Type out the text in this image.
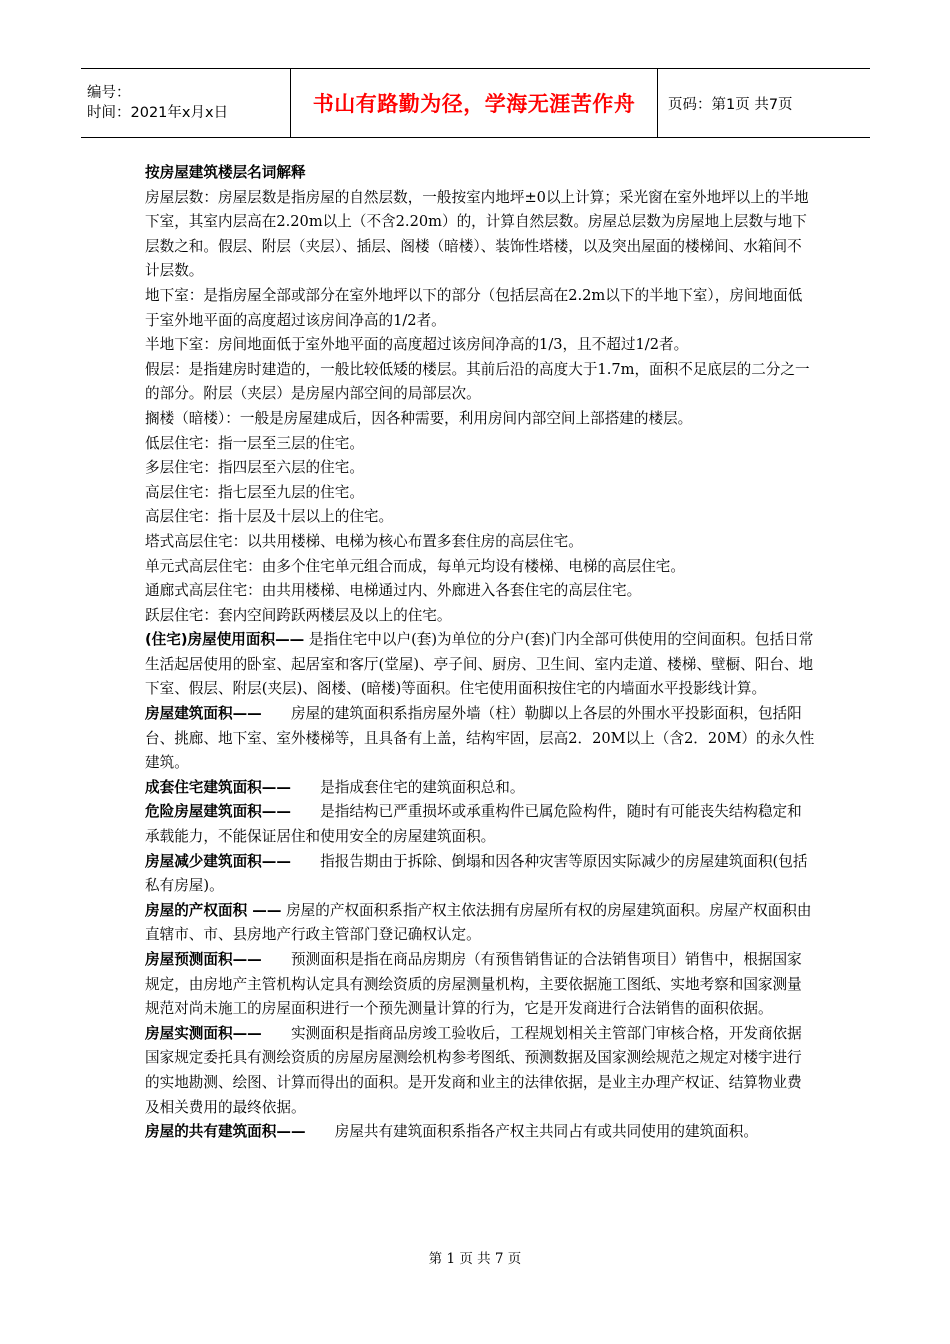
编号：
时间：2021年x月x日	书山有路勤为径，学海无涯苦作舟 页码：第1页 共7页

按房屋建筑楼层名词解释

房屋层数：房屋层数是指房屋的自然层数，一般按室内地坪±0以上计算；采光窗在室外地坪以上的半地下室，其室内层高在2.20m以上（不含2.20m）的，计算自然层数。房屋总层数为房屋地上层数与地下层数之和。假层、附层（夹层）、插层、阁楼（暗楼）、装饰性塔楼，以及突出屋面的楼梯间、水箱间不计层数。

地下室：是指房屋全部或部分在室外地坪以下的部分（包括层高在2.2m以下的半地下室），房间地面低于室外地平面的高度超过该房间净高的1/2者。

半地下室：房间地面低于室外地平面的高度超过该房间净高的1/3，且不超过1/2者。

假层：是指建房时建造的，一般比较低矮的楼层。其前后沿的高度大于1.7m，面积不足底层的二分之一的部分。附层（夹层）是房屋内部空间的局部层次。

搁楼（暗楼）：一般是房屋建成后，因各种需要，利用房间内部空间上部搭建的楼层。

低层住宅：指一层至三层的住宅。

多层住宅：指四层至六层的住宅。

高层住宅：指七层至九层的住宅。

高层住宅：指十层及十层以上的住宅。

塔式高层住宅：以共用楼梯、电梯为核心布置多套住房的高层住宅。

单元式高层住宅：由多个住宅单元组合而成，每单元均设有楼梯、电梯的高层住宅。

通廊式高层住宅：由共用楼梯、电梯通过内、外廊进入各套住宅的高层住宅。

跃层住宅：套内空间跨跃两楼层及以上的住宅。

(住宅)房屋使用面积—— 是指住宅中以户(套)为单位的分户(套)门内全部可供使用的空间面积。包括日常生活起居使用的卧室、起居室和客厅(堂屋)、亭子间、厨房、卫生间、室内走道、楼梯、壁橱、阳台、地下室、假层、附层(夹层)、阁楼、(暗楼)等面积。住宅使用面积按住宅的内墙面水平投影线计算。

房屋建筑面积——　　房屋的建筑面积系指房屋外墙（柱）勒脚以上各层的外围水平投影面积，包括阳台、挑廊、地下室、室外楼梯等，且具备有上盖，结构牢固，层高2．20M以上（含2．20M）的永久性建筑。

成套住宅建筑面积——　　是指成套住宅的建筑面积总和。

危险房屋建筑面积——　　是指结构已严重损坏或承重构件已属危险构件，随时有可能丧失结构稳定和承载能力，不能保证居住和使用安全的房屋建筑面积。

房屋减少建筑面积——　　指报告期由于拆除、倒塌和因各种灾害等原因实际减少的房屋建筑面积(包括私有房屋)。

房屋的产权面积 —— 房屋的产权面积系指产权主依法拥有房屋所有权的房屋建筑面积。房屋产权面积由直辖市、市、县房地产行政主管部门登记确权认定。

房屋预测面积——　　预测面积是指在商品房期房（有预售销售证的合法销售项目）销售中，根据国家规定，由房地产主管机构认定具有测绘资质的房屋测量机构，主要依据施工图纸、实地考察和国家测量规范对尚未施工的房屋面积进行一个预先测量计算的行为，它是开发商进行合法销售的面积依据。

房屋实测面积——　　实测面积是指商品房竣工验收后，工程规划相关主管部门审核合格，开发商依据国家规定委托具有测绘资质的房屋房屋测绘机构参考图纸、预测数据及国家测绘规范之规定对楼宇进行的实地勘测、绘图、计算而得出的面积。是开发商和业主的法律依据，是业主办理产权证、结算物业费及相关费用的最终依据。

房屋的共有建筑面积——　　房屋共有建筑面积系指各产权主共同占有或共同使用的建筑面积。

第 1 页 共 7 页
